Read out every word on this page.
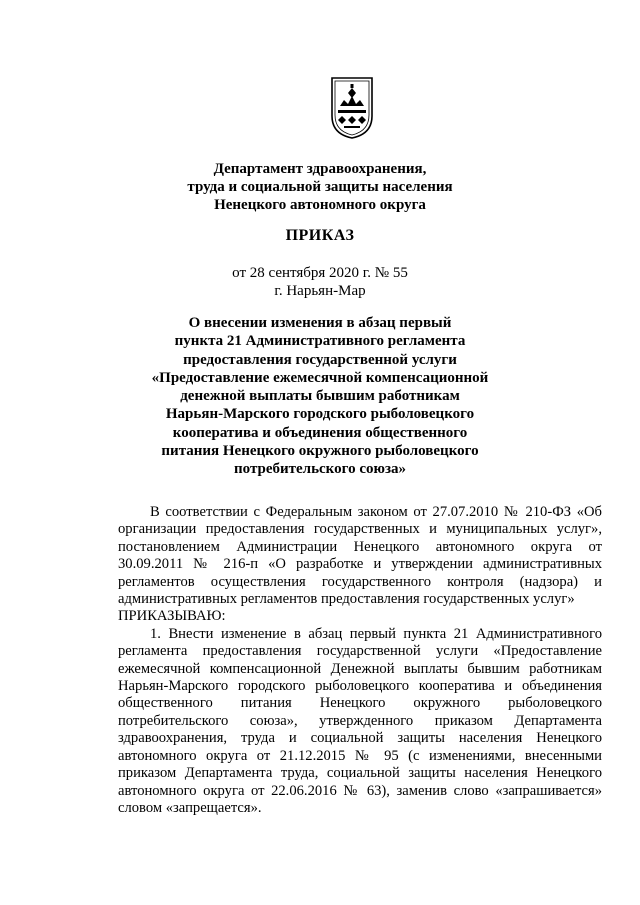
Департамент здравоохранения,
труда и социальной защиты населения
Ненецкого автономного округа
ПРИКАЗ
от 28 сентября 2020 г. № 55
г. Нарьян-Мар
О внесении изменения в абзац первый
пункта 21 Административного регламента
предоставления государственной услуги
«Предоставление ежемесячной компенсационной
денежной выплаты бывшим работникам
Нарьян-Марского городского рыболовецкого
кооператива и объединения общественного
питания Ненецкого окружного рыболовецкого
потребительского союза»

В соответствии с Федеральным законом от 27.07.2010 № 210-ФЗ «Об организации предоставления государственных и муниципальных услуг», постановлением Администрации Ненецкого автономного округа от 30.09.2011 № 216-п «О разработке и утверждении административных регламентов осуществления государственного контроля (надзора) и административных регламентов предоставления государственных услуг»

ПРИКАЗЫВАЮ:

1. Внести изменение в абзац первый пункта 21 Административного регламента предоставления государственной услуги «Предоставление ежемесячной компенсационной Денежной выплаты бывшим работникам Нарьян-Марского городского рыболовецкого кооператива и объединения общественного питания Ненецкого окружного рыболовецкого потребительского союза», утвержденного приказом Департамента здравоохранения, труда и социальной защиты населения Ненецкого автономного округа от 21.12.2015 № 95 (с изменениями, внесенными приказом Департамента труда, социальной защиты населения Ненецкого автономного округа от 22.06.2016 № 63), заменив слово «запрашивается» словом «запрещается».
